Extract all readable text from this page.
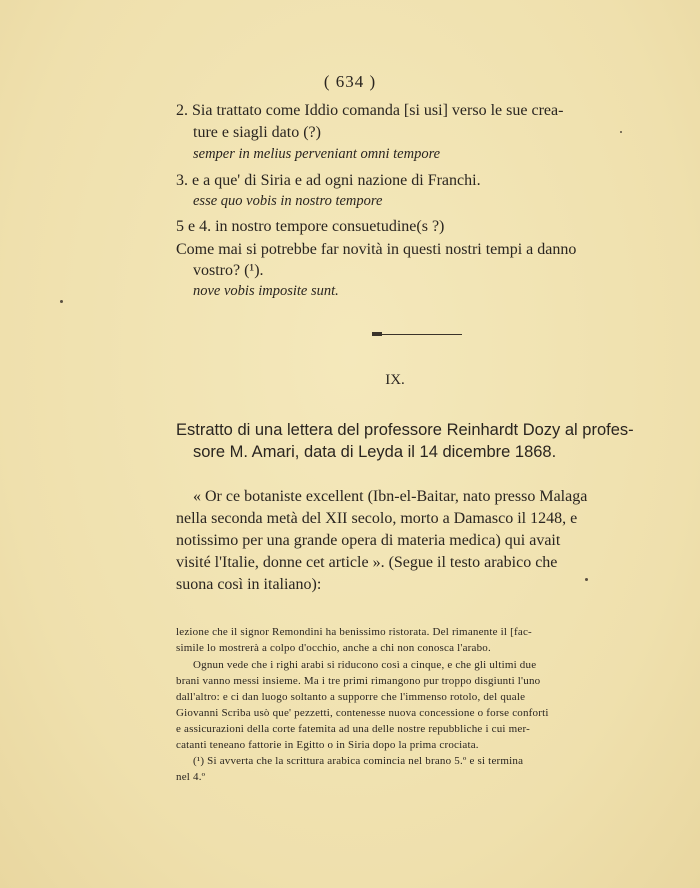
( 634 )
2. Sia trattato come Iddio comanda [si usi] verso le sue crea-
ture e siagli dato (?)
semper in melius perveniant omni tempore
3. e a que' di Siria e ad ogni nazione di Franchi.
esse quo vobis in nostro tempore
5 e 4. in nostro tempore consuetudine(s ?)
Come mai si potrebbe far novità in questi nostri tempi a danno
vostro? (¹).
nove vobis imposite sunt.
IX.
Estratto di una lettera del professore Reinhardt Dozy al profes-
sore M. Amari, data di Leyda il 14 dicembre 1868.
« Or ce botaniste excellent (Ibn-el-Baitar, nato presso Malaga
nella seconda metà del XII secolo, morto a Damasco il 1248, e
notissimo per una grande opera di materia medica) qui avait
visité l'Italie, donne cet article ». (Segue il testo arabico che
suona così in italiano):
lezione che il signor Remondini ha benissimo ristorata. Del rimanente il [fac-
simile lo mostrerà a colpo d'occhio, anche a chi non conosca l'arabo.
Ognun vede che i righi arabi si riducono così a cinque, e che gli ultimi due
brani vanno messi insieme. Ma i tre primi rimangono pur troppo disgiunti l'uno
dall'altro: e ci dan luogo soltanto a supporre che l'immenso rotolo, del quale
Giovanni Scriba usò que' pezzetti, contenesse nuova concessione o forse conforti
e assicurazioni della corte fatemita ad una delle nostre repubbliche i cui mer-
catanti teneano fattorie in Egitto o in Siria dopo la prima crociata.
(¹) Si avverta che la scrittura arabica comincia nel brano 5.º e si termina
nel 4.º
